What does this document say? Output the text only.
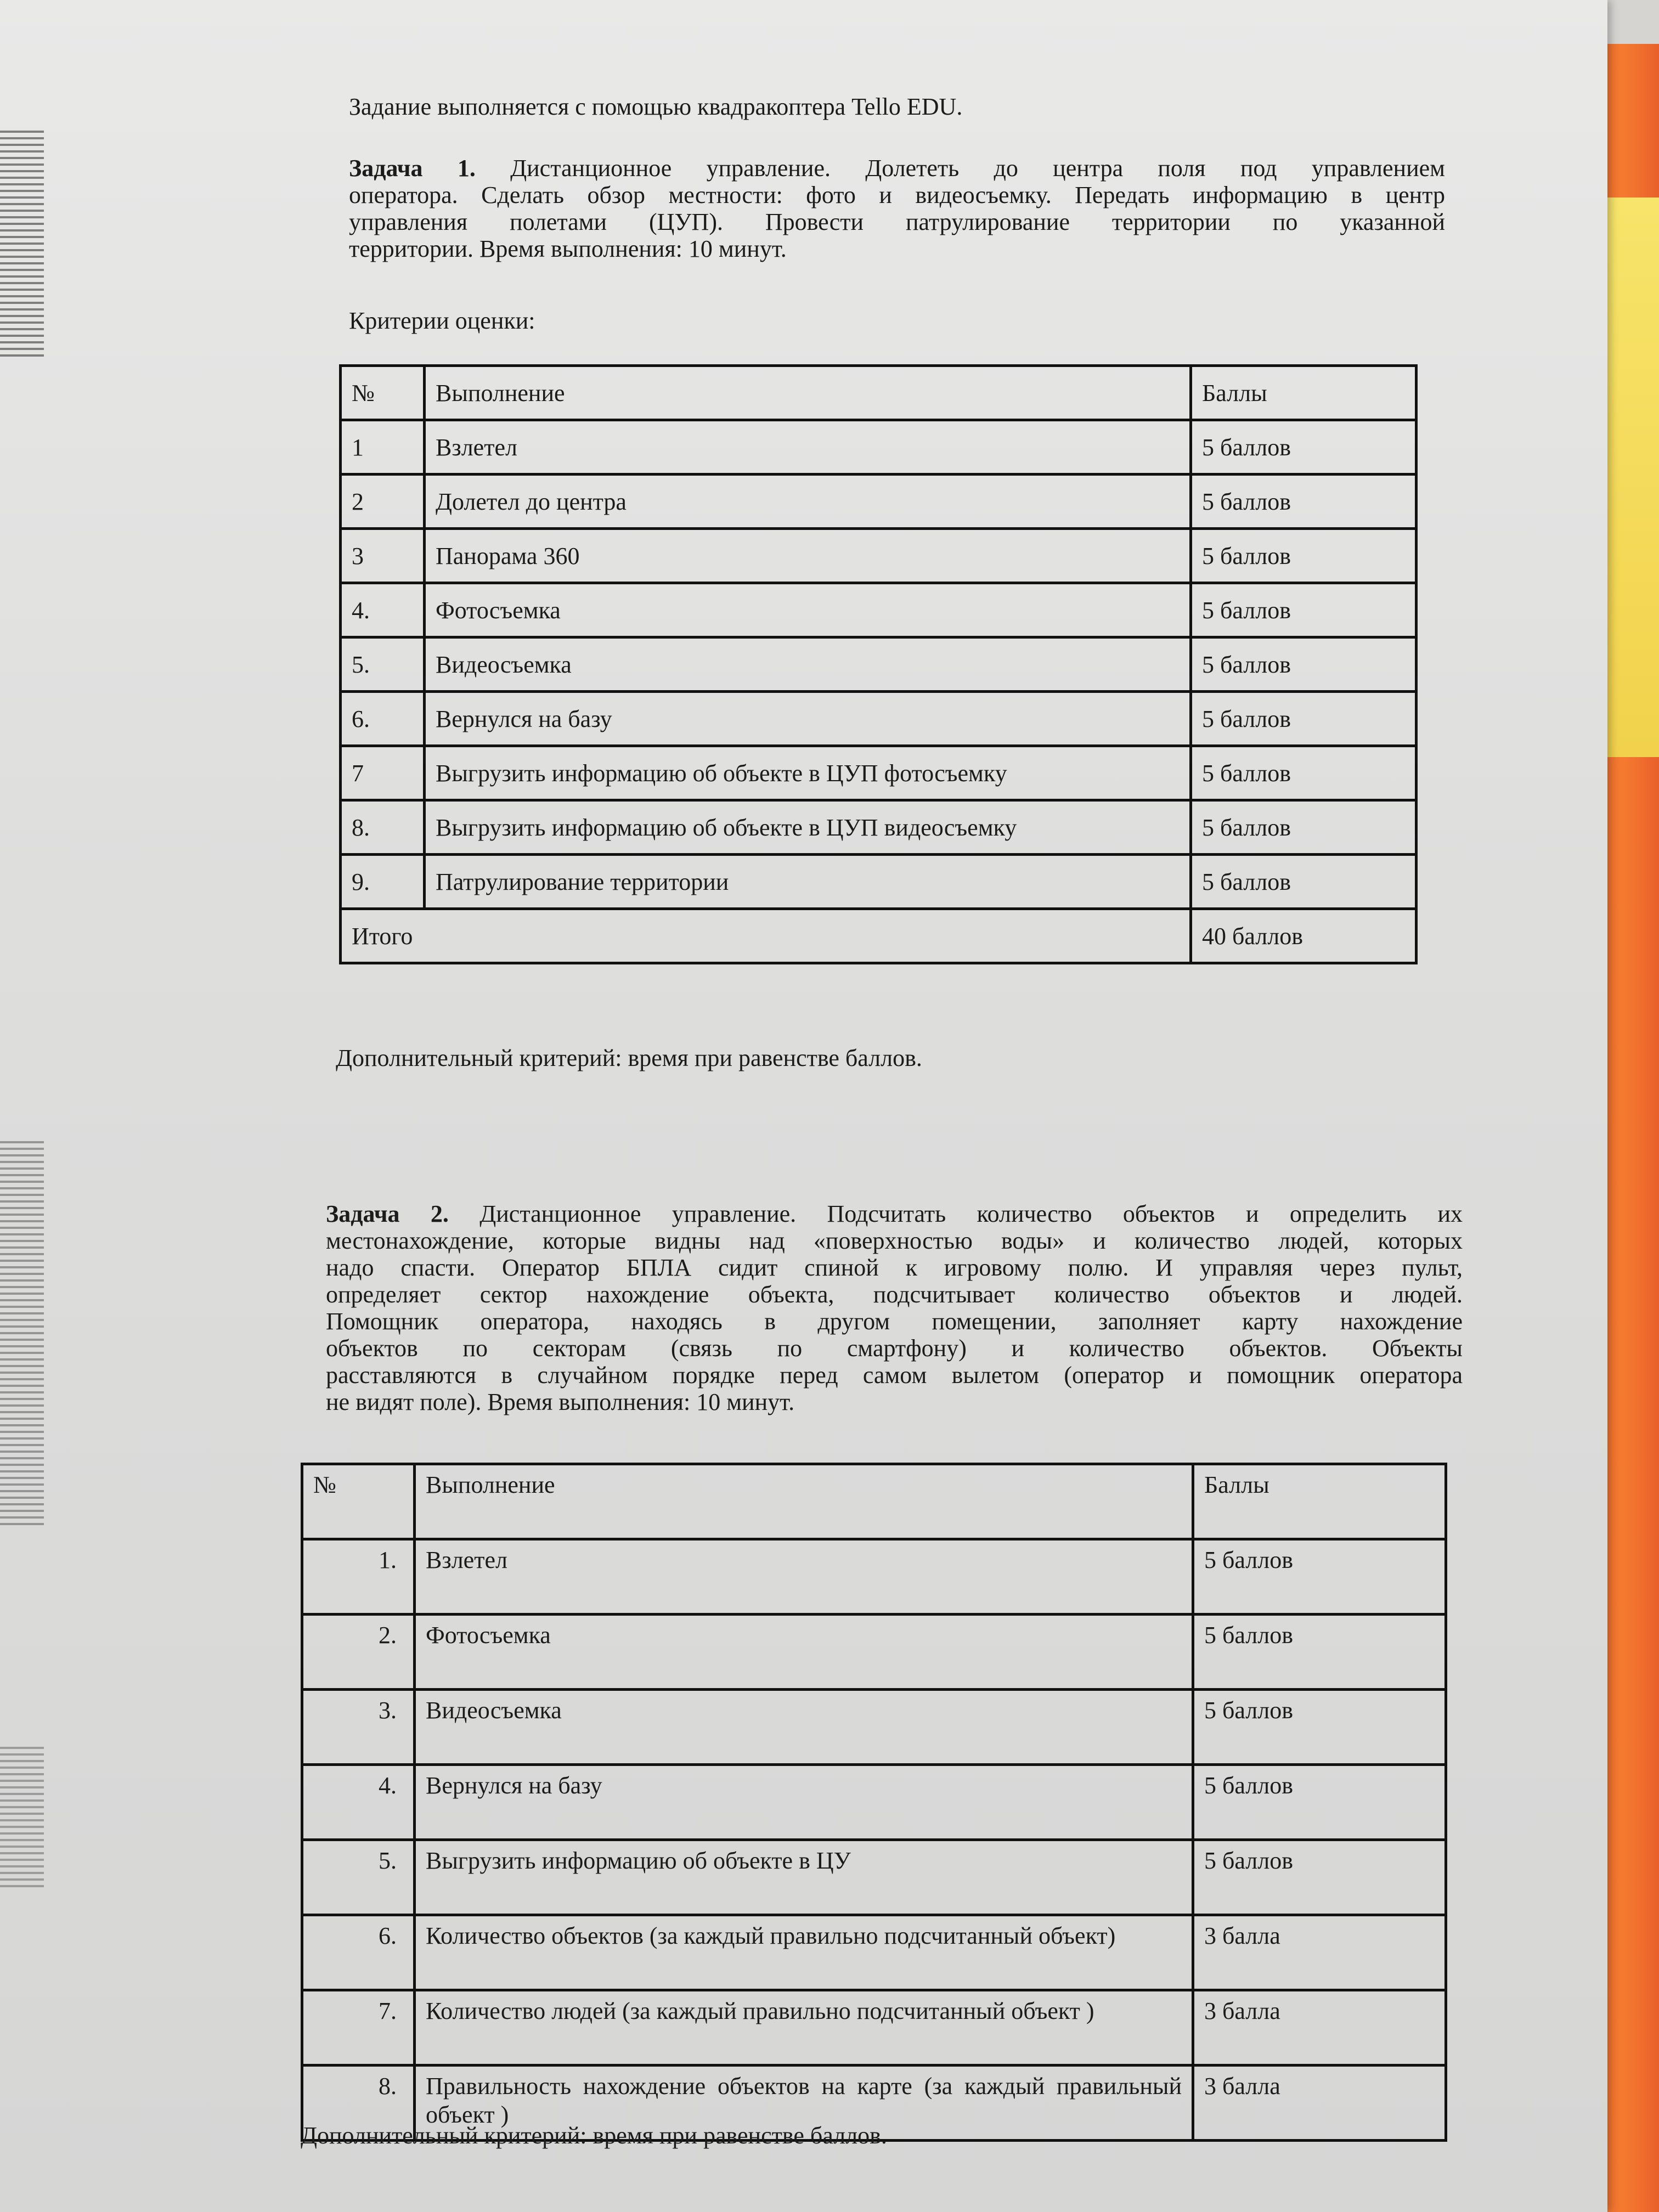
Задание выполняется с помощью квадракоптера Tello EDU.
Задача 1. Дистанционное управление. Долететь до центра поля под управлением
оператора. Сделать обзор местности: фото и видеосъемку. Передать информацию в центр
управления полетами (ЦУП). Провести патрулирование территории по указанной
территории. Время выполнения: 10 минут.
Критерии оценки:
№	Выполнение	Баллы
1	Взлетел	5 баллов
2	Долетел до центра	5 баллов
3	Панорама 360	5 баллов
4.	Фотосъемка	5 баллов
5.	Видеосъемка	5 баллов
6.	Вернулся на базу	5 баллов
7	Выгрузить информацию об объекте в ЦУП фотосъемку	5 баллов
8.	Выгрузить информацию об объекте в ЦУП видеосъемку	5 баллов
9.	Патрулирование территории	5 баллов
Итого		40 баллов
Дополнительный критерий: время при равенстве баллов.
Задача 2. Дистанционное управление. Подсчитать количество объектов и определить их
местонахождение, которые видны над «поверхностью воды» и количество людей, которых
надо спасти. Оператор БПЛА сидит спиной к игровому полю. И управляя через пульт,
определяет сектор нахождение объекта, подсчитывает количество объектов и людей.
Помощник оператора, находясь в другом помещении, заполняет карту нахождение
объектов по секторам (связь по смартфону) и количество объектов. Объекты
расставляются в случайном порядке перед самом вылетом (оператор и помощник оператора
не видят поле). Время выполнения: 10 минут.
№	Выполнение	Баллы
1.	Взлетел	5 баллов
2.	Фотосъемка	5 баллов
3.	Видеосъемка	5 баллов
4.	Вернулся на базу	5 баллов
5.	Выгрузить информацию об объекте в ЦУ	5 баллов
6.	Количество объектов (за каждый правильно подсчитанный объект)	3 балла
7.	Количество людей (за каждый правильно подсчитанный объект )	3 балла
8.	Правильность нахождение объектов на карте (за каждый правильный объект )	3 балла
Дополнительный критерий: время при равенстве баллов.
